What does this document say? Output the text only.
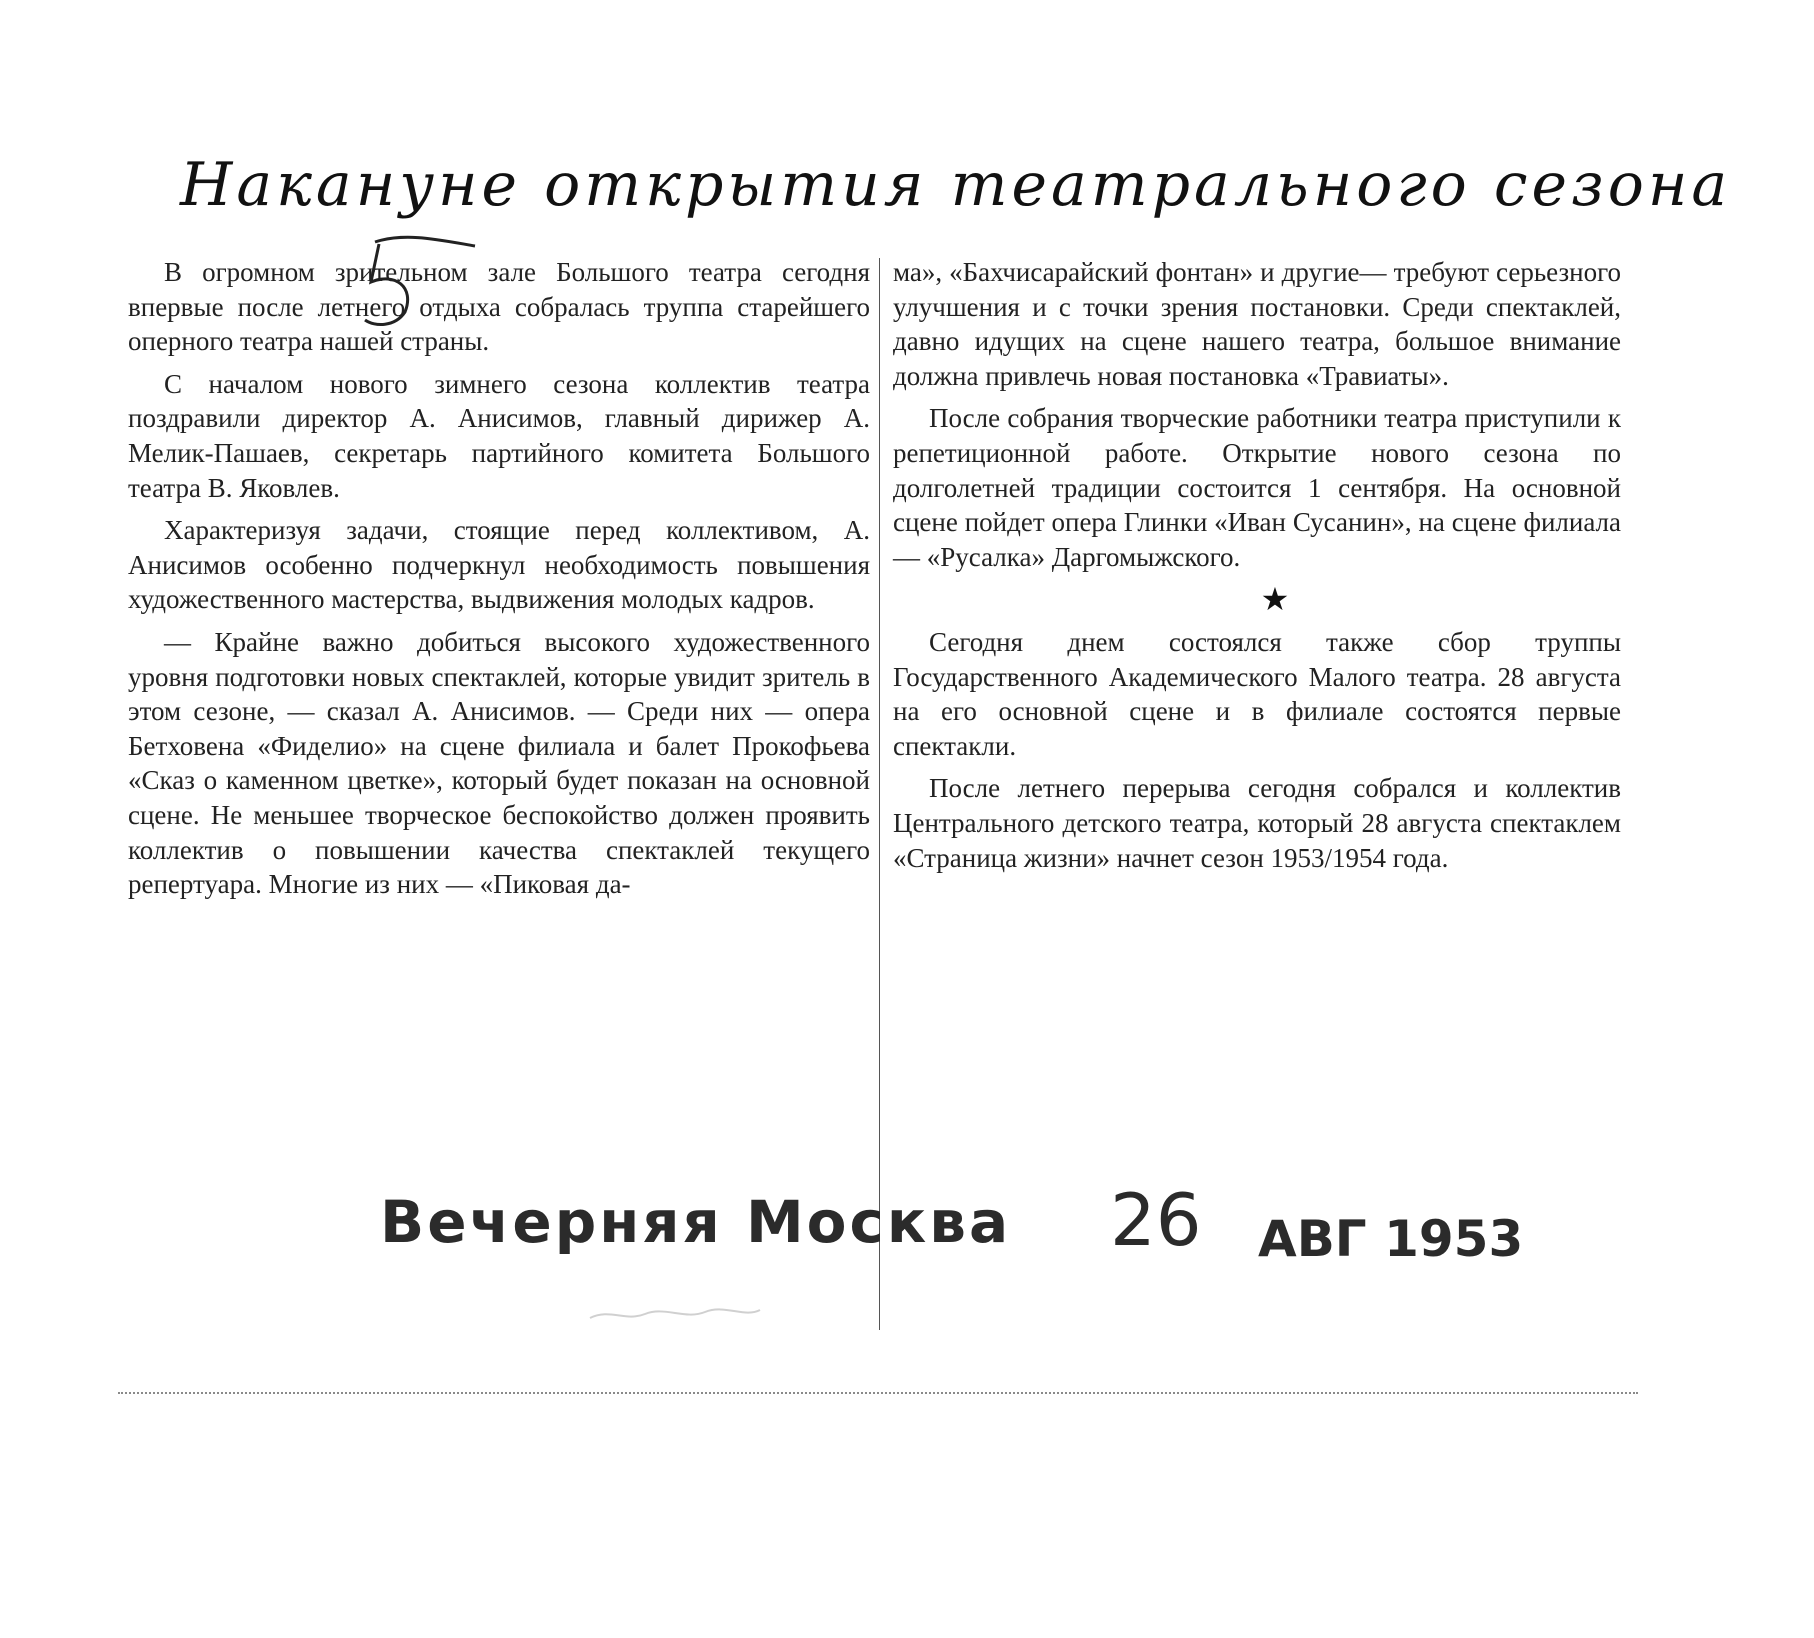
Накануне открытия театрального сезона

В огромном зрительном зале Большого театра сегодня впервые после летнего отдыха собралась труппа старейшего оперного театра нашей страны.

С началом нового зимнего сезона коллектив театра поздравили директор А. Анисимов, главный дирижер А. Мелик-Пашаев, секретарь партийного комитета Большого театра В. Яковлев.

Характеризуя задачи, стоящие перед коллективом, А. Анисимов особенно подчеркнул необходимость повышения художественного мастерства, выдвижения молодых кадров.

— Крайне важно добиться высокого художественного уровня подготовки новых спектаклей, которые увидит зритель в этом сезоне, — сказал А. Анисимов. — Среди них — опера Бетховена «Фиделио» на сцене филиала и балет Прокофьева «Сказ о каменном цветке», который будет показан на основной сцене. Не меньшее творческое беспокойство должен проявить коллектив о повышении качества спектаклей текущего репертуара. Многие из них — «Пиковая да-

ма», «Бахчисарайский фонтан» и другие— требуют серьезного улучшения и с точки зрения постановки. Среди спектаклей, давно идущих на сцене нашего театра, большое внимание должна привлечь новая постановка «Травиаты».

После собрания творческие работники театра приступили к репетиционной работе. Открытие нового сезона по долголетней традиции состоится 1 сентября. На основной сцене пойдет опера Глинки «Иван Сусанин», на сцене филиала — «Русалка» Даргомыжского.

★

Сегодня днем состоялся также сбор труппы Государственного Академического Малого театра. 28 августа на его основной сцене и в филиале состоятся первые спектакли.

После летнего перерыва сегодня собрался и коллектив Центрального детского театра, который 28 августа спектаклем «Страница жизни» начнет сезон 1953/1954 года.

Вечерняя Москва 26 АВГ 1953
